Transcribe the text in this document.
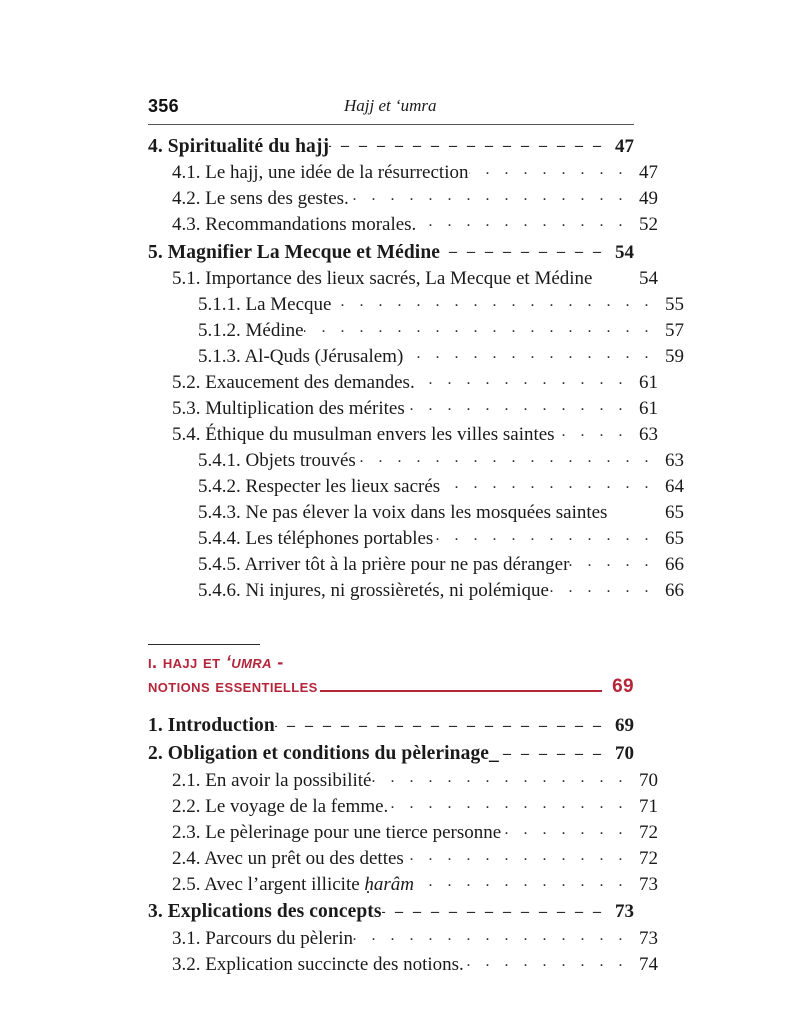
356	Hajj et ʻumra
4. Spiritualité du hajj _ _	47
4.1. Le hajj, une idée de la résurrection . .	47
4.2. Le sens des gestes. . .	49
4.3. Recommandations morales. . .	52
5. Magnifier La Mecque et Médine _ _	54
5.1. Importance des lieux sacrés, La Mecque et Médine	54
5.1.1. La Mecque . .	55
5.1.2. Médine . .	57
5.1.3. Al-Quds (Jérusalem) . .	59
5.2. Exaucement des demandes. . .	61
5.3. Multiplication des mérites . .	61
5.4. Éthique du musulman envers les villes saintes . .	63
5.4.1. Objets trouvés . .	63
5.4.2. Respecter les lieux sacrés . .	64
5.4.3. Ne pas élever la voix dans les mosquées saintes	65
5.4.4. Les téléphones portables . .	65
5.4.5. Arriver tôt à la prière pour ne pas déranger . .	66
5.4.6. Ni injures, ni grossièretés, ni polémique . .	66
i. hajj et ʻumra -
notions essentielles	69
1. Introduction _ _	69
2. Obligation et conditions du pèlerinage_ _ _	70
2.1. En avoir la possibilité . .	70
2.2. Le voyage de la femme. . .	71
2.3. Le pèlerinage pour une tierce personne . .	72
2.4. Avec un prêt ou des dettes . .	72
2.5. Avec l’argent illicite ḥarâm . .	73
3. Explications des concepts _ _	73
3.1. Parcours du pèlerin . .	73
3.2. Explication succincte des notions. . .	74
